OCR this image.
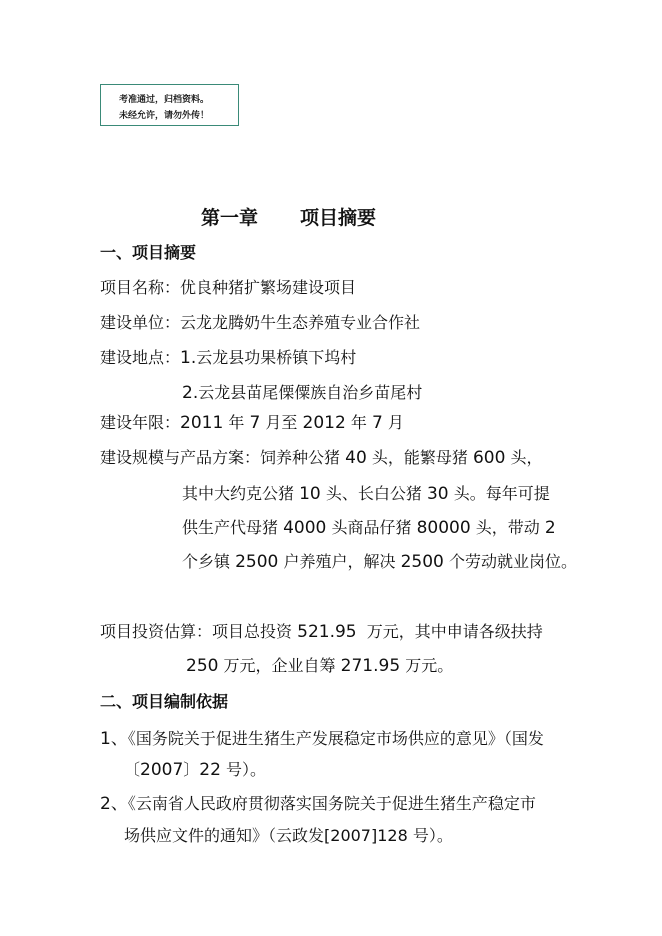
考准通过，归档资料。
未经允许，请勿外传！
第一章 项目摘要
一、项目摘要
项目名称：优良种猪扩繁场建设项目
建设单位：云龙龙腾奶牛生态养殖专业合作社
建设地点：1.云龙县功果桥镇下坞村
2.云龙县苗尾傈僳族自治乡苗尾村
建设年限：2011 年 7 月至 2012 年 7 月
建设规模与产品方案：饲养种公猪 40 头，能繁母猪 600 头，
其中大约克公猪 10 头、长白公猪 30 头。每年可提
供生产代母猪 4000 头商品仔猪 80000 头，带动 2
个乡镇 2500 户养殖户，解决 2500 个劳动就业岗位。
项目投资估算：项目总投资 521.95 万元，其中申请各级扶持
250 万元，企业自筹 271.95 万元。
二、项目编制依据
1、《国务院关于促进生猪生产发展稳定市场供应的意见》（国发
〔2007〕22 号）。
2、《云南省人民政府贯彻落实国务院关于促进生猪生产稳定市
场供应文件的通知》（云政发[2007]128 号）。
